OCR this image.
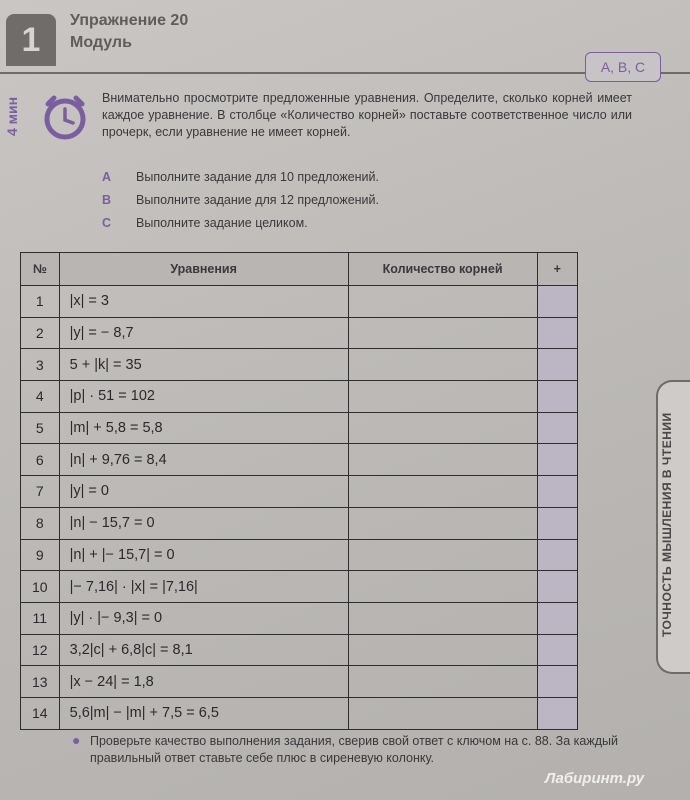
1	Упражнение 20
Модуль
А, В, С
4 мин	Внимательно просмотрите предложенные уравнения. Определите, сколько корней имеет каждое уравнение. В столбце «Количество корней» поставьте соответственное число или прочерк, если уравнение не имеет корней.
А Выполните задание для 10 предложений.
В Выполните задание для 12 предложений.
С Выполните задание целиком.
№	Уравнения	Количество корней	+
1	|x| = 3		
2	|y| = − 8,7		
3	5 + |k| = 35		
4	|p| · 51 = 102		
5	|m| + 5,8 = 5,8		
6	|n| + 9,76 = 8,4		
7	|y| = 0		
8	|n| − 15,7 = 0		
9	|n| + |− 15,7| = 0		
10	|− 7,16| · |x| = |7,16|		
11	|y| · |− 9,3| = 0		
12	3,2|c| + 6,8|c| = 8,1		
13	|x − 24| = 1,8		
14	5,6|m| − |m| + 7,5 = 6,5		
● Проверьте качество выполнения задания, сверив свой ответ с ключом на с. 88. За каждый правильный ответ ставьте себе плюс в сиреневую колонку.
ТОЧНОСТЬ МЫШЛЕНИЯ В ЧТЕНИИ
Лабиринт.ру
